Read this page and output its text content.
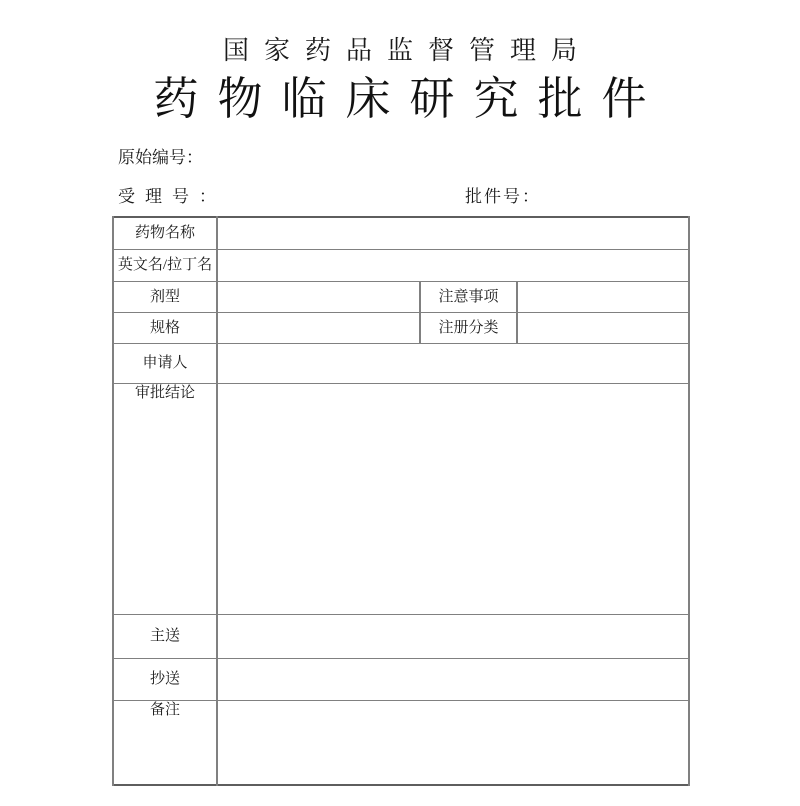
国家药品监督管理局
药物临床研究批件
原始编号：
受理号：	批件号：
药物名称			
英文名/拉丁名			
剂型		注意事项	
规格		注册分类	
申请人			
审批结论			
主送			
抄送			
备注			
